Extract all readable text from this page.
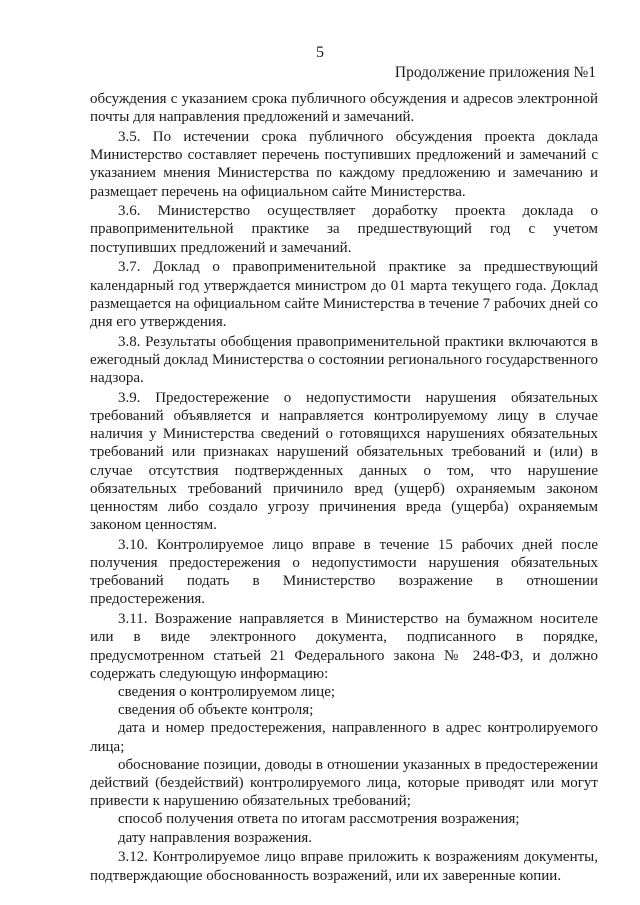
5
Продолжение приложения №1

обсуждения с указанием срока публичного обсуждения и адресов электронной почты для направления предложений и замечаний.

3.5. По истечении срока публичного обсуждения проекта доклада Министерство составляет перечень поступивших предложений и замечаний с указанием мнения Министерства по каждому предложению и замечанию и размещает перечень на официальном сайте Министерства.

3.6. Министерство осуществляет доработку проекта доклада о правоприменительной практике за предшествующий год с учетом поступивших предложений и замечаний.

3.7. Доклад о правоприменительной практике за предшествующий календарный год утверждается министром до 01 марта текущего года. Доклад размещается на официальном сайте Министерства в течение 7 рабочих дней со дня его утверждения.

3.8. Результаты обобщения правоприменительной практики включаются в ежегодный доклад Министерства о состоянии регионального государственного надзора.

3.9. Предостережение о недопустимости нарушения обязательных требований объявляется и направляется контролируемому лицу в случае наличия у Министерства сведений о готовящихся нарушениях обязательных требований или признаках нарушений обязательных требований и (или) в случае отсутствия подтвержденных данных о том, что нарушение обязательных требований причинило вред (ущерб) охраняемым законом ценностям либо создало угрозу причинения вреда (ущерба) охраняемым законом ценностям.

3.10. Контролируемое лицо вправе в течение 15 рабочих дней после получения предостережения о недопустимости нарушения обязательных требований подать в Министерство возражение в отношении предостережения.

3.11. Возражение направляется в Министерство на бумажном носителе или в виде электронного документа, подписанного в порядке, предусмотренном статьей 21 Федерального закона № 248-ФЗ, и должно содержать следующую информацию:

сведения о контролируемом лице;

сведения об объекте контроля;

дата и номер предостережения, направленного в адрес контролируемого лица;

обоснование позиции, доводы в отношении указанных в предостережении действий (бездействий) контролируемого лица, которые приводят или могут привести к нарушению обязательных требований;

способ получения ответа по итогам рассмотрения возражения;

дату направления возражения.

3.12. Контролируемое лицо вправе приложить к возражениям документы, подтверждающие обоснованность возражений, или их заверенные копии.
